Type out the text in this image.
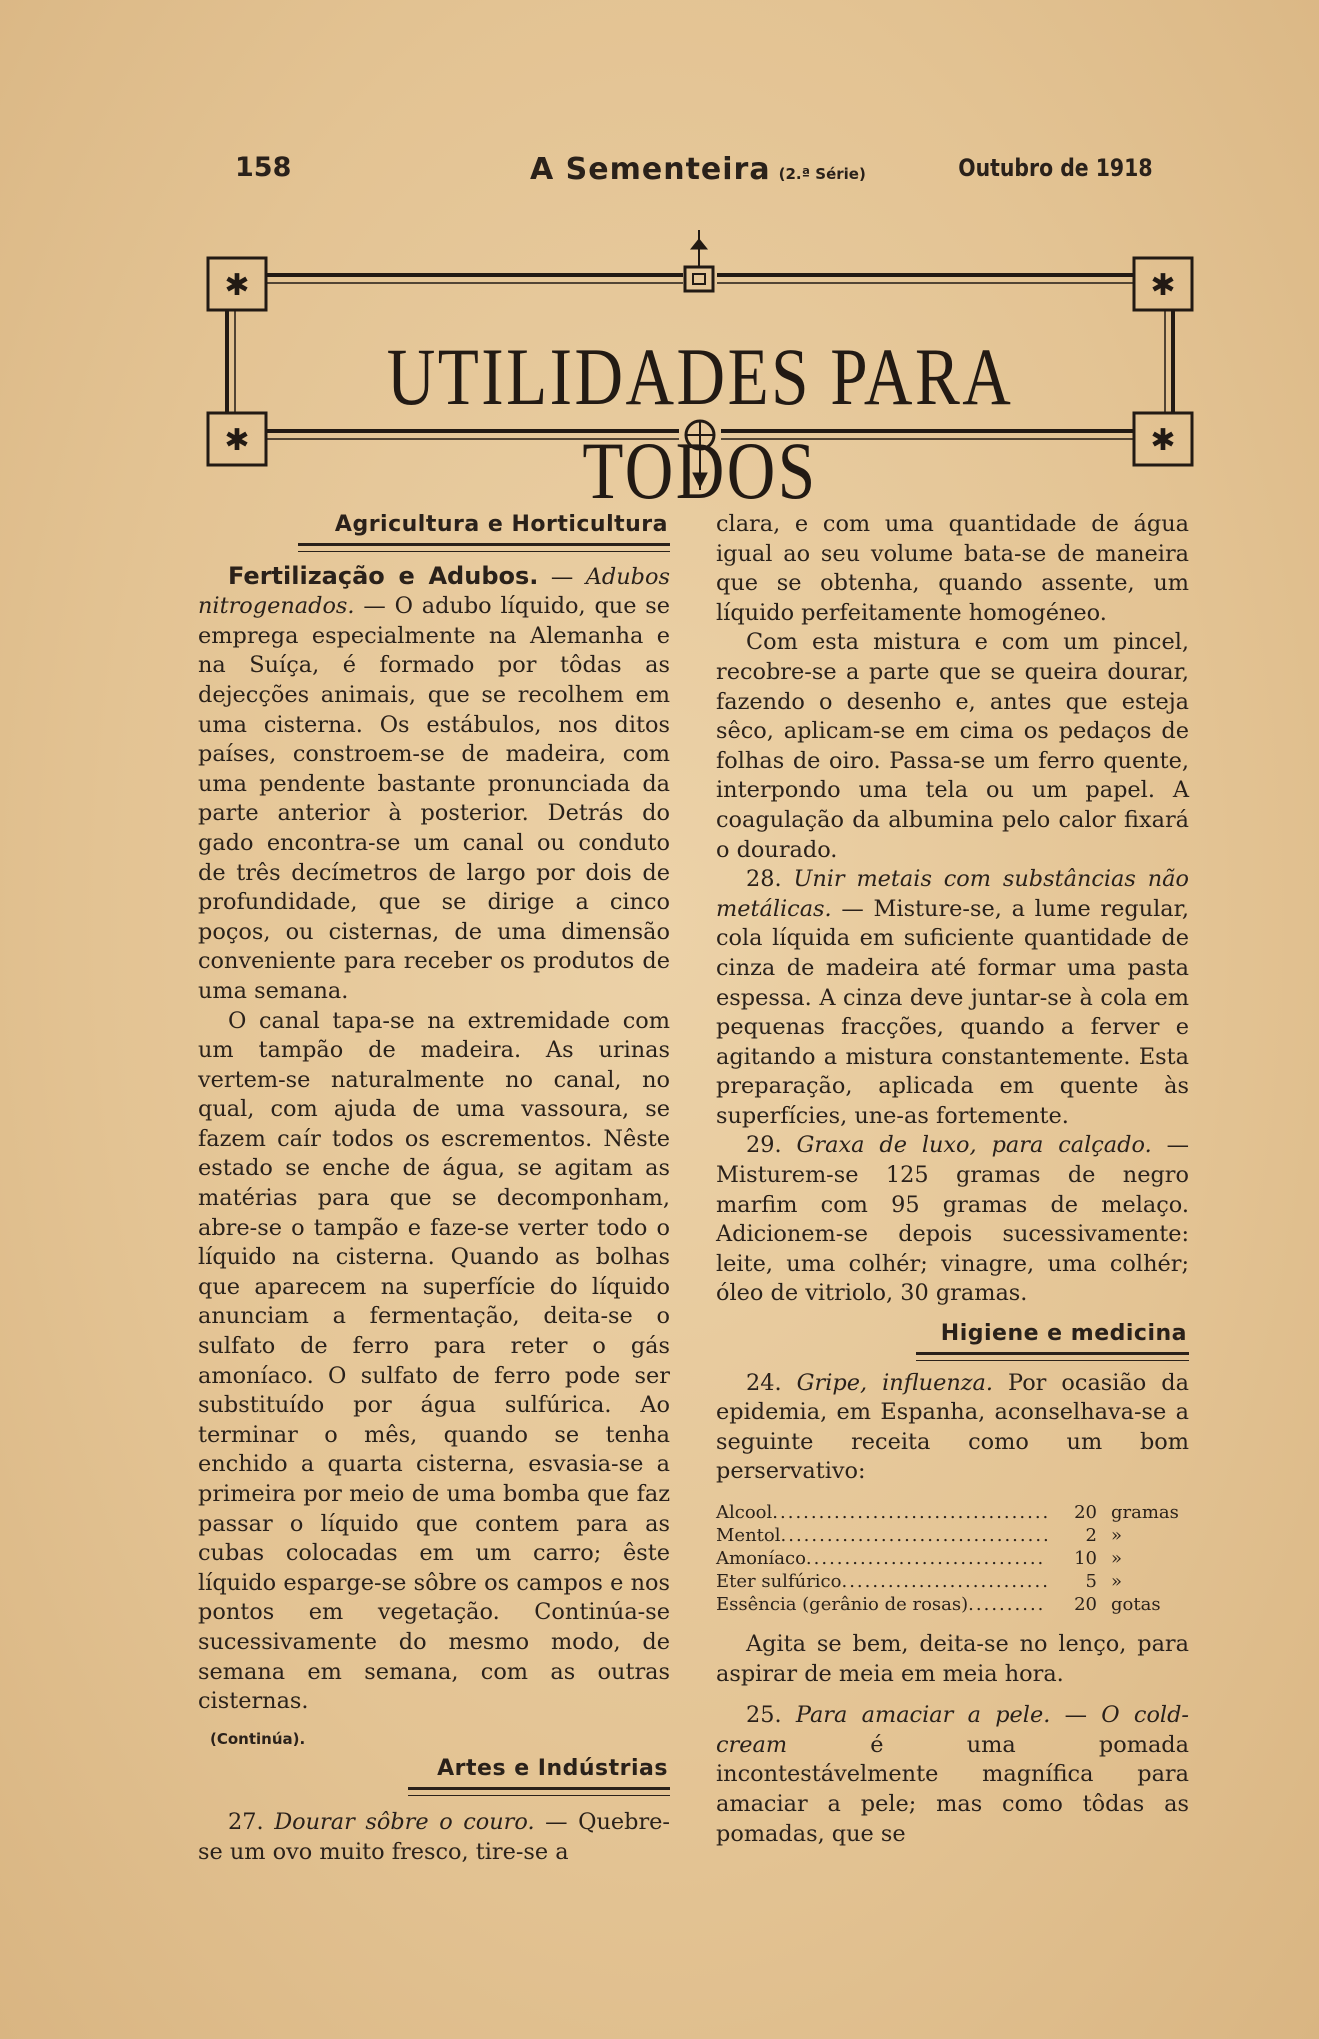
158	A Sementeira (2.ª Série)	Outubro de 1918
✱	✱
✱	✱
UTILIDADES PARA TODOS

Agricultura e Horticultura

Fertilização e Adubos. — Adubos nitrogenados. — O adubo líquido, que se emprega especialmente na Alemanha e na Suíça, é formado por tôdas as dejecções animais, que se recolhem em uma cisterna. Os estábulos, nos ditos países, constroem-se de madeira, com uma pendente bastante pronunciada da parte anterior à posterior. Detrás do gado encontra-se um canal ou conduto de três decímetros de largo por dois de profundidade, que se dirige a cinco poços, ou cisternas, de uma dimensão conveniente para receber os produtos de uma semana.

O canal tapa-se na extremidade com um tampão de madeira. As urinas vertem-se naturalmente no canal, no qual, com ajuda de uma vassoura, se fazem caír todos os escrementos. Nêste estado se enche de água, se agitam as matérias para que se decomponham, abre-se o tampão e faze-se verter todo o líquido na cisterna. Quando as bolhas que aparecem na superfície do líquido anunciam a fermentação, deita-se o sulfato de ferro para reter o gás amoníaco. O sulfato de ferro pode ser substituído por água sulfúrica. Ao terminar o mês, quando se tenha enchido a quarta cisterna, esvasia-se a primeira por meio de uma bomba que faz passar o líquido que contem para as cubas colocadas em um carro; êste líquido esparge-se sôbre os campos e nos pontos em vegetação. Continúa-se sucessivamente do mesmo modo, de semana em semana, com as outras cisternas.

(Continúa).

Artes e Indústrias

27. Dourar sôbre o couro. — Quebre-se um ovo muito fresco, tire-se a

clara, e com uma quantidade de água igual ao seu volume bata-se de maneira que se obtenha, quando assente, um líquido perfeitamente homogéneo.

Com esta mistura e com um pincel, recobre-se a parte que se queira dourar, fazendo o desenho e, antes que esteja sêco, aplicam-se em cima os pedaços de folhas de oiro. Passa-se um ferro quente, interpondo uma tela ou um papel. A coagulação da albumina pelo calor fixará o dourado.

28. Unir metais com substâncias não metálicas. — Misture-se, a lume regular, cola líquida em suficiente quantidade de cinza de madeira até formar uma pasta espessa. A cinza deve juntar-se à cola em pequenas fracções, quando a ferver e agitando a mistura constantemente. Esta preparação, aplicada em quente às superfícies, une-as fortemente.

29. Graxa de luxo, para calçado. — Misturem-se 125 gramas de negro marfim com 95 gramas de melaço. Adicionem-se depois sucessivamente: leite, uma colhér; vinagre, uma colhér; óleo de vitriolo, 30 gramas.

Higiene e medicina

24. Gripe, influenza. Por ocasião da epidemia, em Espanha, aconselhava-se a seguinte receita como um bom perservativo:

Alcool .....	20 gramas
Mentol .....	2 »
Amoníaco .....	10 »
Eter sulfúrico .....	5 »
Essência (gerânio de rosas) .....	20 gotas

Agita se bem, deita-se no lenço, para aspirar de meia em meia hora.

25. Para amaciar a pele. — O cold-cream é uma pomada incontestávelmente magnífica para amaciar a pele; mas como tôdas as pomadas, que se
